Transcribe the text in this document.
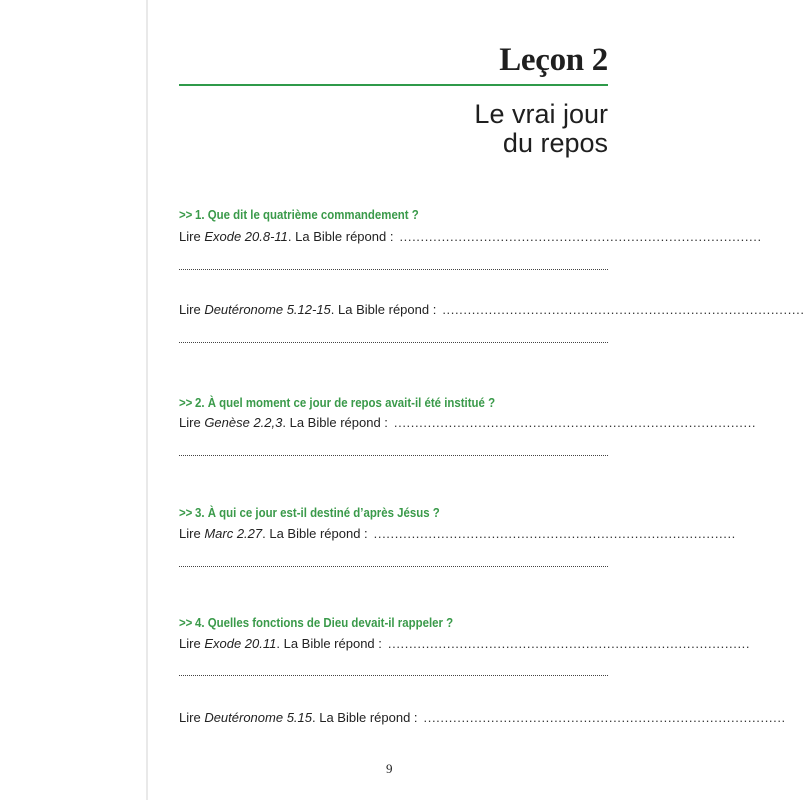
Leçon 2
Le vrai jour
du repos
>> 1. Que dit le quatrième commandement ?
Lire
Exode 20.8-11 . La Bible répond : ......................................................................................
Lire
Deutéronome 5.12-15 . La Bible répond : ......................................................................................
>> 2. À quel moment ce jour de repos avait-il été institué ?
Lire
Genèse 2.2,3 . La Bible répond : ......................................................................................
>> 3. À qui ce jour est-il destiné d’après Jésus ?
Lire
Marc 2.27 . La Bible répond : ......................................................................................
>> 4. Quelles fonctions de Dieu devait-il rappeler ?
Lire
Exode 20.11 . La Bible répond : ......................................................................................
Lire
Deutéronome 5.15 . La Bible répond : ......................................................................................
9
